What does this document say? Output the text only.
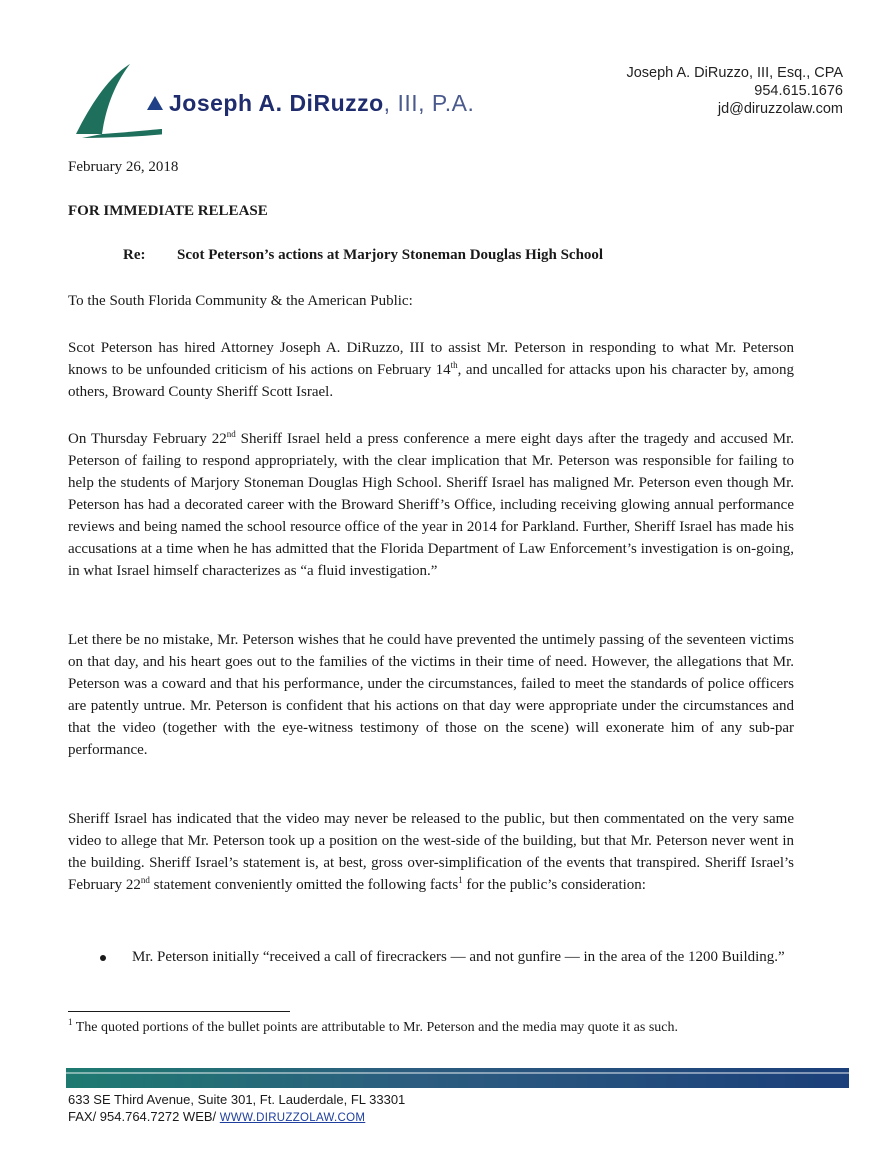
Joseph A. DiRuzzo, III, P.A.
Joseph A. DiRuzzo, III, Esq., CPA
954.615.1676
jd@diruzzolaw.com
February 26, 2018
FOR IMMEDIATE RELEASE
Re: Scot Peterson’s actions at Marjory Stoneman Douglas High School
To the South Florida Community & the American Public:
Scot Peterson has hired Attorney Joseph A. DiRuzzo, III to assist Mr. Peterson in responding to what Mr. Peterson knows to be unfounded criticism of his actions on February 14th, and uncalled for attacks upon his character by, among others, Broward County Sheriff Scott Israel.
On Thursday February 22nd Sheriff Israel held a press conference a mere eight days after the tragedy and accused Mr. Peterson of failing to respond appropriately, with the clear implication that Mr. Peterson was responsible for failing to help the students of Marjory Stoneman Douglas High School. Sheriff Israel has maligned Mr. Peterson even though Mr. Peterson has had a decorated career with the Broward Sheriff’s Office, including receiving glowing annual performance reviews and being named the school resource office of the year in 2014 for Parkland. Further, Sheriff Israel has made his accusations at a time when he has admitted that the Florida Department of Law Enforcement’s investigation is on-going, in what Israel himself characterizes as “a fluid investigation.”
Let there be no mistake, Mr. Peterson wishes that he could have prevented the untimely passing of the seventeen victims on that day, and his heart goes out to the families of the victims in their time of need. However, the allegations that Mr. Peterson was a coward and that his performance, under the circumstances, failed to meet the standards of police officers are patently untrue. Mr. Peterson is confident that his actions on that day were appropriate under the circumstances and that the video (together with the eye-witness testimony of those on the scene) will exonerate him of any sub-par performance.
Sheriff Israel has indicated that the video may never be released to the public, but then commentated on the very same video to allege that Mr. Peterson took up a position on the west-side of the building, but that Mr. Peterson never went in the building. Sheriff Israel’s statement is, at best, gross over-simplification of the events that transpired. Sheriff Israel’s February 22nd statement conveniently omitted the following facts$^1$ for the public’s consideration:
Mr. Peterson initially “received a call of firecrackers — and not gunfire — in the area of the 1200 Building.”
$^1$ The quoted portions of the bullet points are attributable to Mr. Peterson and the media may quote it as such.
633 SE Third Avenue, Suite 301, Ft. Lauderdale, FL 33301
FAX/ 954.764.7272 WEB/ WWW.DIRUZZOLAW.COM
